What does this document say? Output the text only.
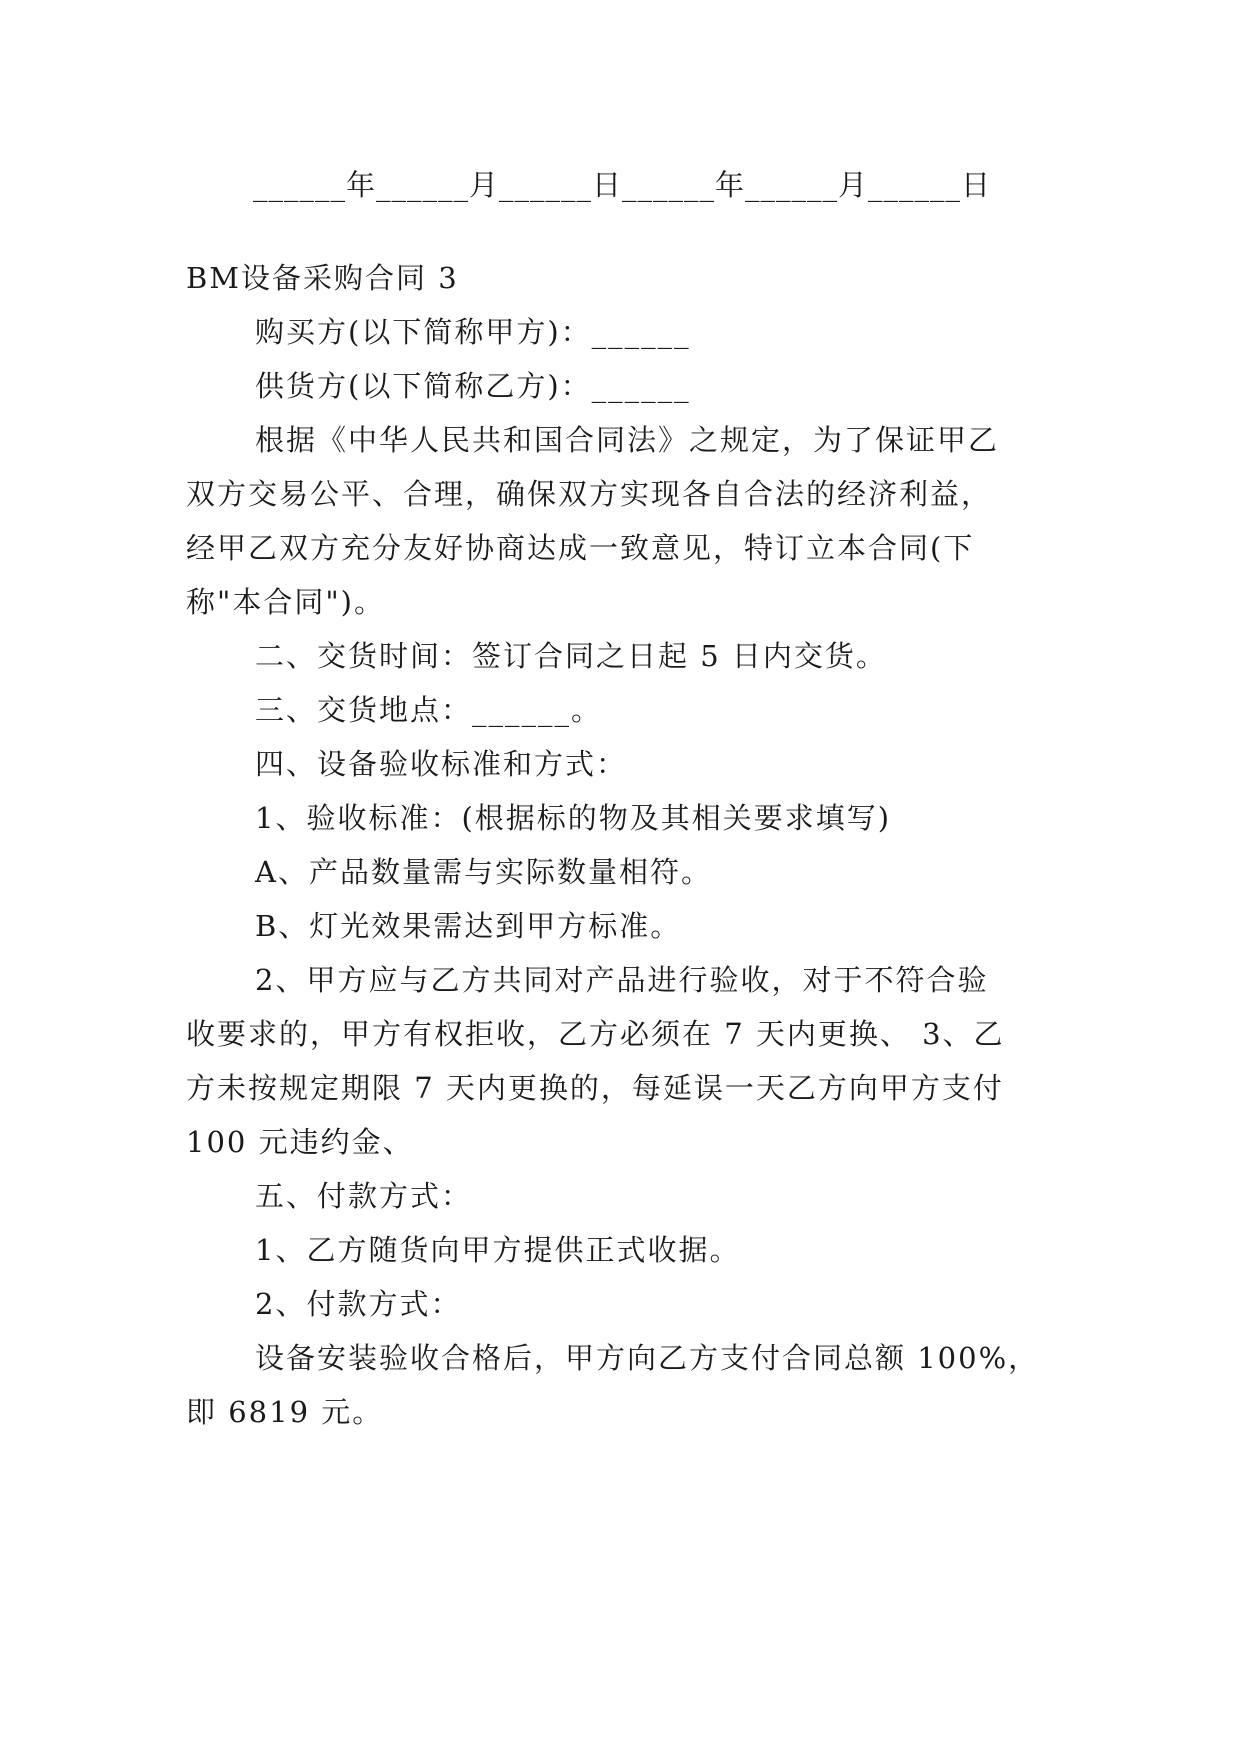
______年______月______日______年______月______日
BM设备采购合同 3
购买方(以下简称甲方)：______
供货方(以下简称乙方)：______
根据《中华人民共和国合同法》之规定，为了保证甲乙
双方交易公平、合理，确保双方实现各自合法的经济利益，
经甲乙双方充分友好协商达成一致意见，特订立本合同(下
称"本合同")。
二、交货时间：签订合同之日起 5 日内交货。
三、交货地点：______。
四、设备验收标准和方式：
1、验收标准：(根据标的物及其相关要求填写)
A、产品数量需与实际数量相符。
B、灯光效果需达到甲方标准。
2、甲方应与乙方共同对产品进行验收，对于不符合验
收要求的，甲方有权拒收，乙方必须在 7 天内更换、 3、乙
方未按规定期限 7 天内更换的，每延误一天乙方向甲方支付
100 元违约金、
五、付款方式：
1、乙方随货向甲方提供正式收据。
2、付款方式：
设备安装验收合格后，甲方向乙方支付合同总额 100%，
即 6819 元。
